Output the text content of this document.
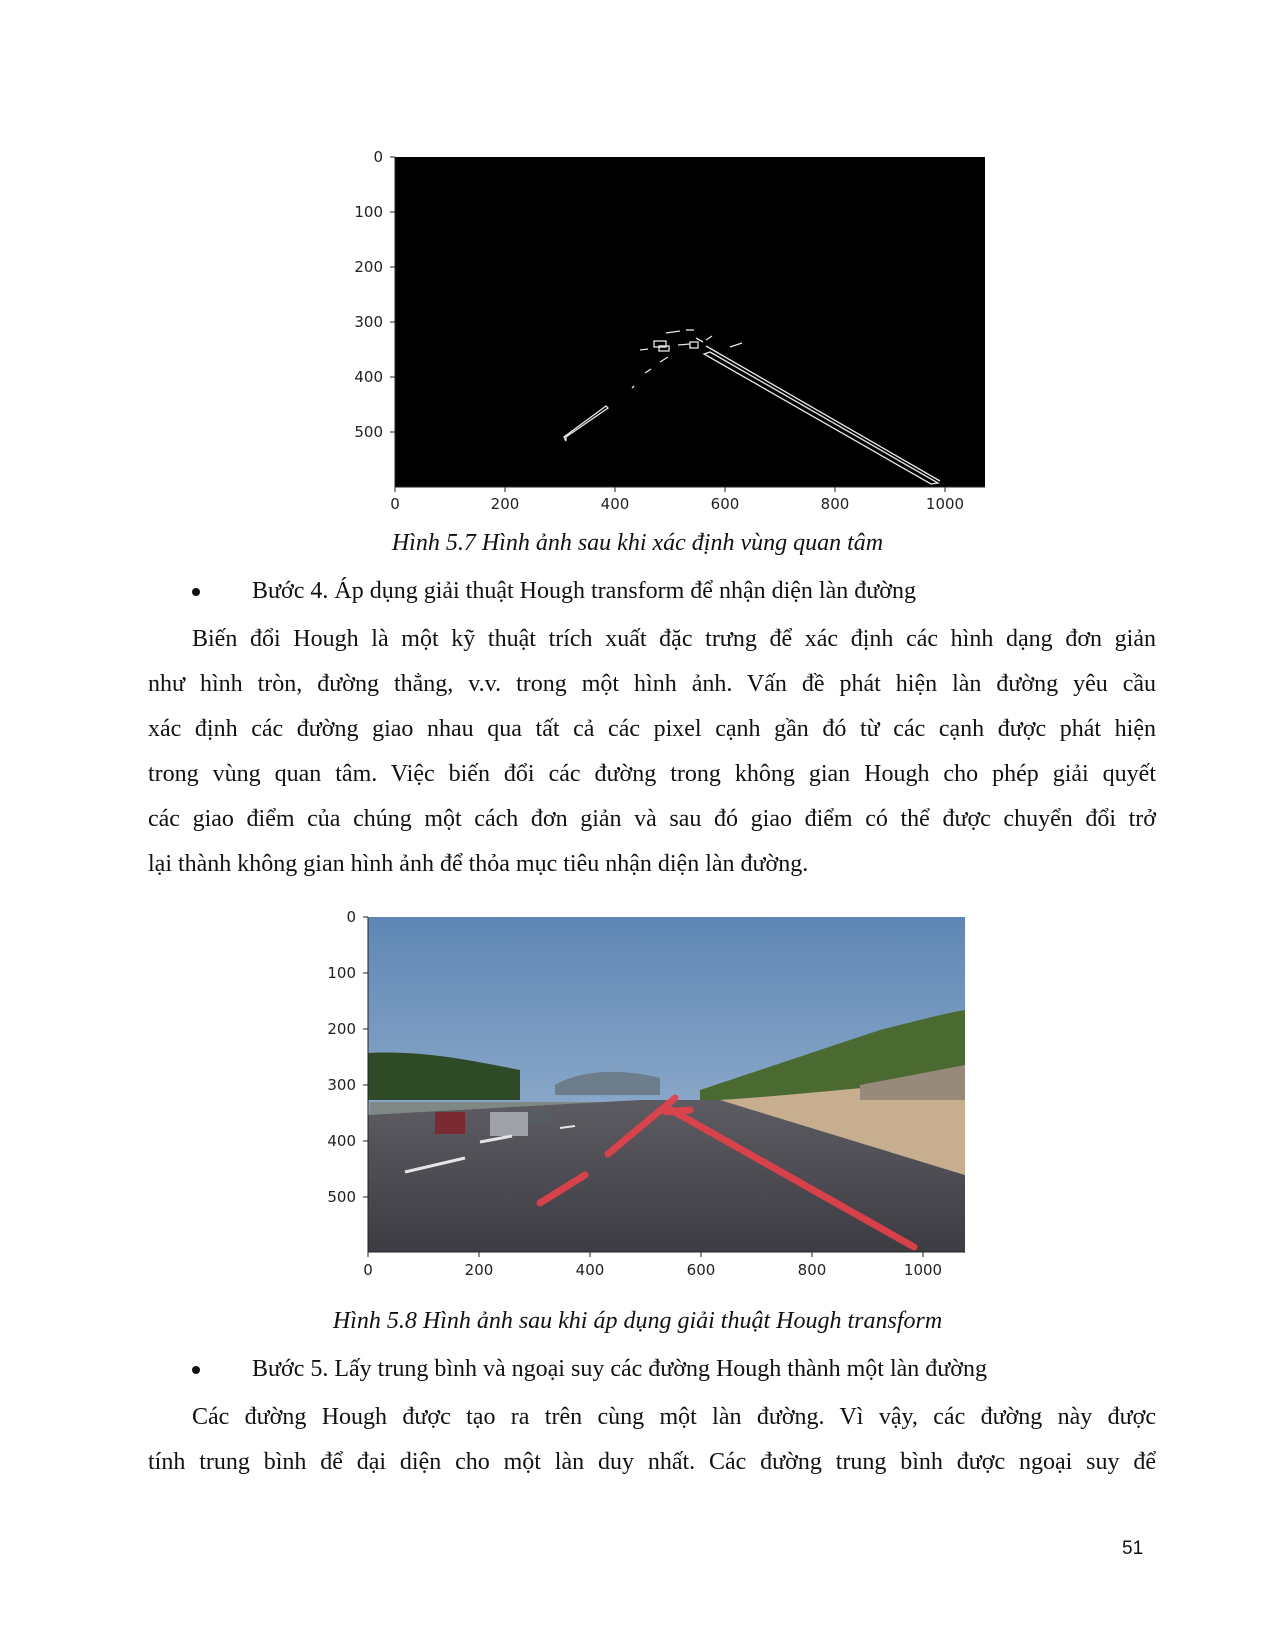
0
100
200
300
400
500
0	200	400	600	800	1000
Hình 5.7 Hình ảnh sau khi xác định vùng quan tâm
Bước 4. Áp dụng giải thuật Hough transform để nhận diện làn đường
Biến đổi Hough là một kỹ thuật trích xuất đặc trưng để xác định các hình dạng đơn giản
như hình tròn, đường thẳng, v.v. trong một hình ảnh. Vấn đề phát hiện làn đường yêu cầu
xác định các đường giao nhau qua tất cả các pixel cạnh gần đó từ các cạnh được phát hiện
trong vùng quan tâm. Việc biến đổi các đường trong không gian Hough cho phép giải quyết
các giao điểm của chúng một cách đơn giản và sau đó giao điểm có thể được chuyển đổi trở
lại thành không gian hình ảnh để thỏa mục tiêu nhận diện làn đường.
0
100
200
300
400
500
0	200	400	600	800	1000
Hình 5.8 Hình ảnh sau khi áp dụng giải thuật Hough transform
Bước 5. Lấy trung bình và ngoại suy các đường Hough thành một làn đường
Các đường Hough được tạo ra trên cùng một làn đường. Vì vậy, các đường này được
tính trung bình để đại diện cho một làn duy nhất. Các đường trung bình được ngoại suy để
51
